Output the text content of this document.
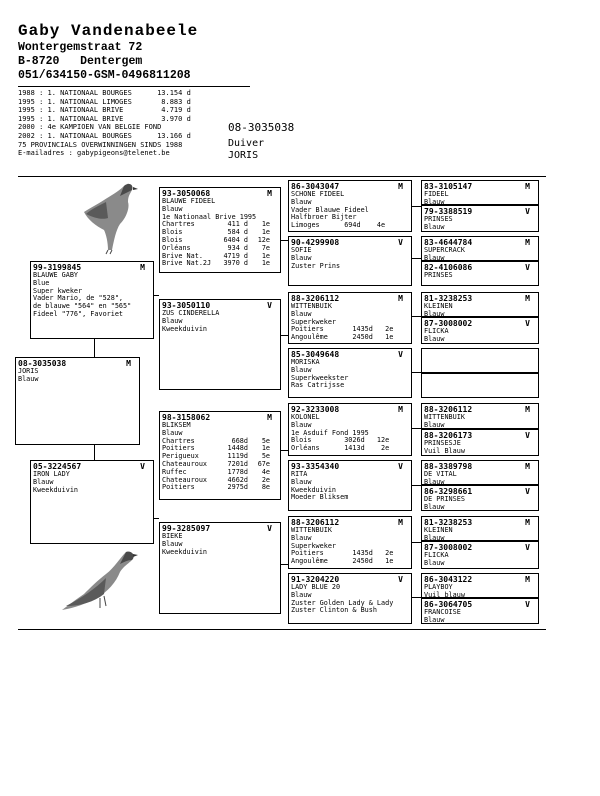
Gaby Vandenabeele
Wontergemstraat 72
B-8720 Dentergem
051/634150-GSM-0496811208
1988 : 1. NATIONAAL BOURGES      13.154 d
1995 : 1. NATIONAAL LIMOGES       8.883 d
1995 : 1. NATIONAAL BRIVE         4.719 d
1995 : 1. NATIONAAL BRIVE         3.970 d
2000 : 4e KAMPIOEN VAN BELGIE FOND
2002 : 1. NATIONAAL BOURGES      13.166 d
75 PROVINCIALS OVERWINNINGEN SINDS 1988
E-mailadres : gabypigeons@telenet.be
08-3035038
Duiver
JORIS
08-3035038	M
JORIS
Blauw
99-3199845	M
BLAUWE GABY
Blue
Super kweker
Vader Mario, de "528",
de blauwe "564" en "565"
Fideel "776", Favoriet
05-3224567	V
IRON LADY
Blauw
Kweekduivin
93-3050068	M
BLAUWE FIDEEL
Blauw
1e Nationaal Brive 1995
Chartres	411 d	1e
Blois	584 d	1e
Blois	6404 d	12e
Orléans	934 d	7e
Brive Nat.	4719 d	1e
Brive Nat.2J	3970 d	1e
93-3050110	V
ZUS CINDERELLA
Blauw
Kweekduivin
98-3158062	M
BLIKSEM
Blauw
Chartres	668d	5e
Poitiers	1448d	1e
Perigueux	1119d	5e
Chateauroux	7201d	67e
Ruffec	1778d	4e
Chateauroux	4662d	2e
Poitiers	2975d	8e
99-3285097	V
BIEKE
Blauw
Kweekduivin
86-3043047	M
SCHONE FIDEEL
Blauw
Vader Blauwe Fideel
Halfbroer Bijter
Limoges      694d    4e
90-4299908	V
SOFIE
Blauw
Zuster Prins
88-3206112	M
WITTENBUIK
Blauw
Superkweker
Poitiers       1435d   2e
Angoulême      2450d   1e
85-3049648	V
MORISKA
Blauw
Superkweekster
Ras Catrijsse
92-3233008	M
KOLONEL
Blauw
1e Asduif Fond 1995
Blois        3026d   12e
Orléans      1413d    2e
93-3354340	V
RITA
Blauw
Kweekduivin
Moeder Bliksem
88-3206112	M
WITTENBUIK
Blauw
Superkweker
Poitiers       1435d   2e
Angoulême      2450d   1e
91-3204220	V
LADY BLUE 20
Blauw
Zuster Golden Lady & Lady
Zuster Clinton & Bush
83-3105147	M
FIDEEL
Blauw
79-3388519	V
PRINSES
Blauw
83-4644784	M
SUPERCRACK
Blauw
82-4106086	V
PRINSES
81-3238253	M
KLEINEN
Blauw
87-3008002	V
FLICKA
Blauw
88-3206112	M
WITTENBUIK
Blauw
88-3206173	V
PRINSESJE
Vuil Blauw
88-3389798	M
DE VITAL
Blauw
86-3298661	V
DE PRINSES
Blauw
81-3238253	M
KLEINEN
Blauw
87-3008002	V
FLICKA
Blauw
86-3043122	M
PLAYBOY
Vuil blauw
86-3064705	V
FRANCOISE
Blauw
